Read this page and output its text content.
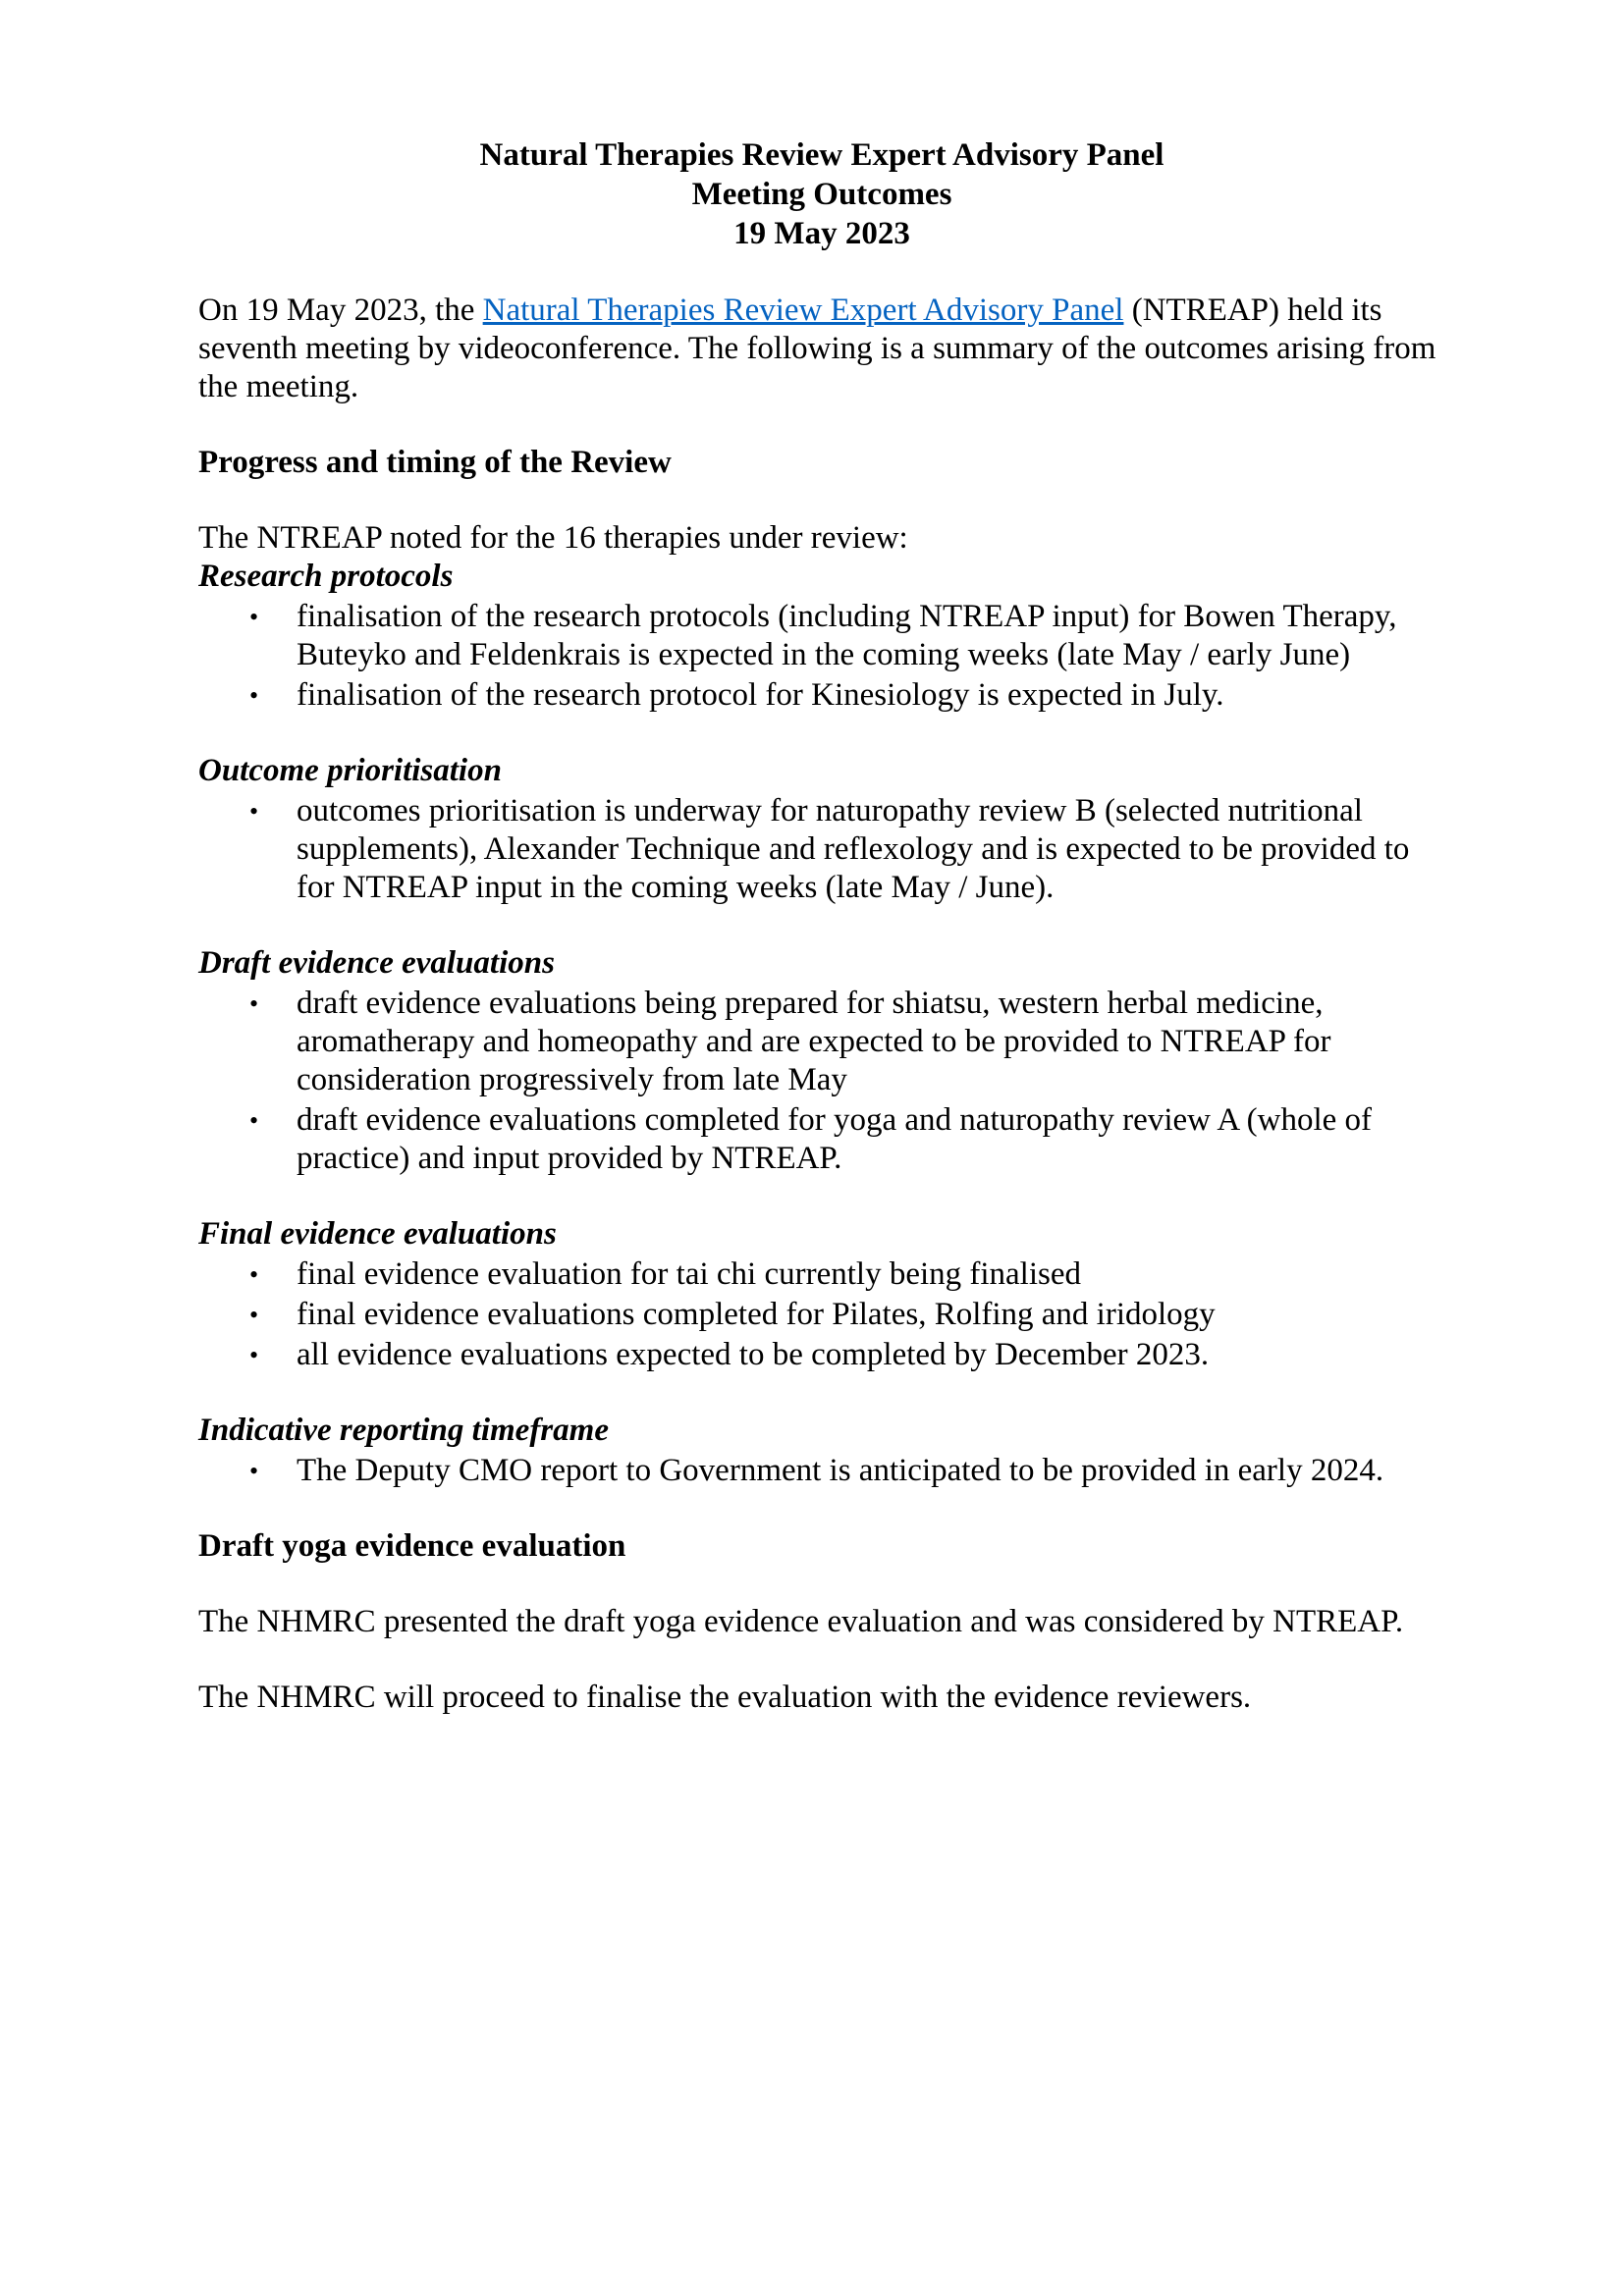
Natural Therapies Review Expert Advisory Panel
Meeting Outcomes
19 May 2023

On 19 May 2023, the Natural Therapies Review Expert Advisory Panel (NTREAP) held its seventh meeting by videoconference. The following is a summary of the outcomes arising from the meeting.

Progress and timing of the Review

The NTREAP noted for the 16 therapies under review:

Research protocols

• finalisation of the research protocols (including NTREAP input) for Bowen Therapy, Buteyko and Feldenkrais is expected in the coming weeks (late May / early June)
• finalisation of the research protocol for Kinesiology is expected in July.

Outcome prioritisation

• outcomes prioritisation is underway for naturopathy review B (selected nutritional supplements), Alexander Technique and reflexology and is expected to be provided to for NTREAP input in the coming weeks (late May / June).

Draft evidence evaluations

• draft evidence evaluations being prepared for shiatsu, western herbal medicine, aromatherapy and homeopathy and are expected to be provided to NTREAP for consideration progressively from late May
• draft evidence evaluations completed for yoga and naturopathy review A (whole of practice) and input provided by NTREAP.

Final evidence evaluations

• final evidence evaluation for tai chi currently being finalised
• final evidence evaluations completed for Pilates, Rolfing and iridology
• all evidence evaluations expected to be completed by December 2023.

Indicative reporting timeframe

• The Deputy CMO report to Government is anticipated to be provided in early 2024.

Draft yoga evidence evaluation

The NHMRC presented the draft yoga evidence evaluation and was considered by NTREAP.

The NHMRC will proceed to finalise the evaluation with the evidence reviewers.
